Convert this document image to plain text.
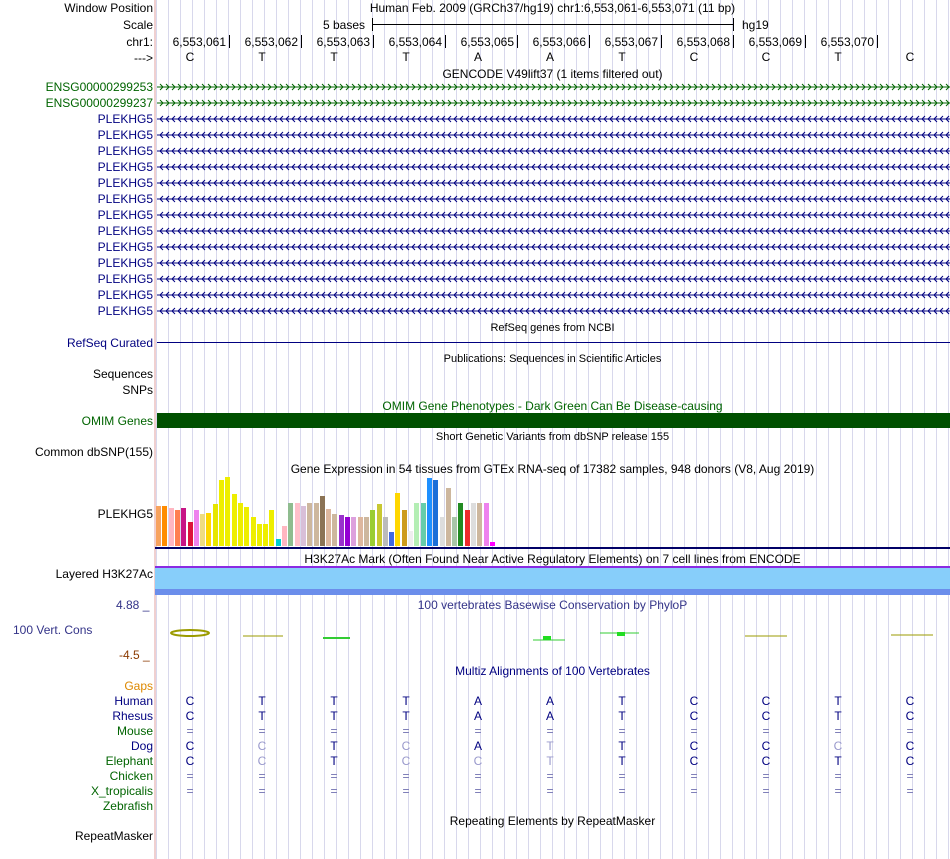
Window Position
Scale
chr1:
--->
Human Feb. 2009 (GRCh37/hg19) chr1:6,553,061-6,553,071 (11 bp)
5 bases	hg19
GENCODE V49lift37 (1 items filtered out)
RefSeq genes from NCBI
RefSeq Curated
Publications: Sequences in Scientific Articles
Sequences
SNPs
OMIM Gene Phenotypes - Dark Green Can Be Disease-causing
OMIM Genes
Short Genetic Variants from dbSNP release 155
Common dbSNP(155)
Gene Expression in 54 tissues from GTEx RNA-seq of 17382 samples, 948 donors (V8, Aug 2019)
PLEKHG5
H3K27Ac Mark (Often Found Near Active Regulatory Elements) on 7 cell lines from ENCODE
Layered H3K27Ac
4.88 _	100 vertebrates Basewise Conservation by PhyloP
100 Vert. Cons
-4.5 _
Multiz Alignments of 100 Vertebrates
Gaps
Repeating Elements by RepeatMasker
RepeatMasker
6,553,061 6,553,062 6,553,063 6,553,064 6,553,065 6,553,066 6,553,067 6,553,068 6,553,069 6,553,070
C	T	T	T	A	A	T	C	C	T	C
ENSG00000299253
ENSG00000299237
PLEKHG5
PLEKHG5
PLEKHG5
PLEKHG5
PLEKHG5
PLEKHG5
PLEKHG5
PLEKHG5
PLEKHG5
PLEKHG5
PLEKHG5
PLEKHG5
PLEKHG5
Human	C	T	T	T	A	A	T	C	C	T	C
Rhesus	C	T	T	T	A	A	T	C	C	T	C
Mouse	=	=	=	=	=	=	=	=	=	=	=
Dog	C	C	T	C	A	T	T	C	C	C	C
Elephant	C	C	T	C	C	T	T	C	C	T	C
Chicken	=	=	=	=	=	=	=	=	=	=	=
X_tropicalis	=	=	=	=	=	=	=	=	=	=	=
Zebrafish
